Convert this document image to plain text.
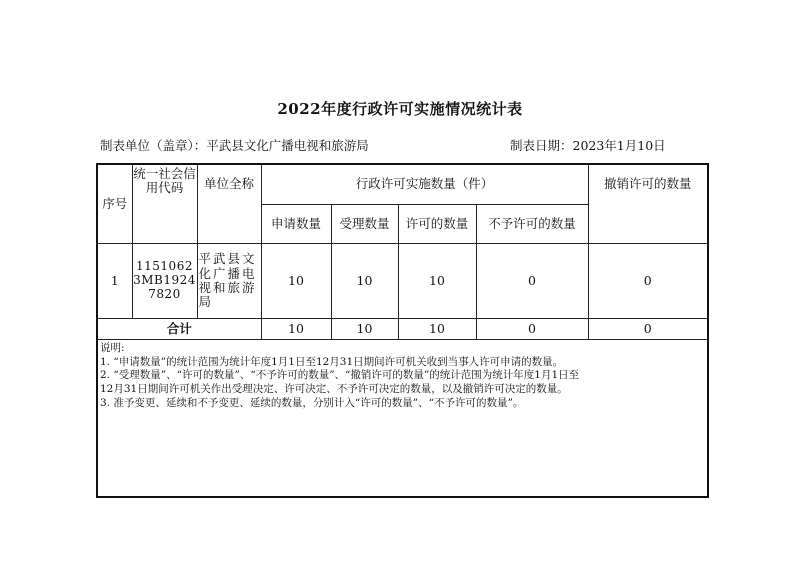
2022年度行政许可实施情况统计表
制表单位（盖章）：平武县文化广播电视和旅游局	制表日期：2023年1月10日
序号	统一社会信用代码	单位全称	行政许可实施数量（件）				撤销许可的数量
			申请数量	受理数量	许可的数量	不予许可的数量	
1	11510623MB19247820	平武县文化广播电视和旅游局	10	10	10	0	0
合计			10	10	10	0	0

说明:
1. “申请数量”的统计范围为统计年度1月1日至12月31日期间许可机关收到当事人许可申请的数量。
2. “受理数量”、“许可的数量”、“不予许可的数量”、“撤销许可的数量”的统计范围为统计年度1月1日至
12月31日期间许可机关作出受理决定、许可决定、不予许可决定的数量，以及撤销许可决定的数量。
3. 准予变更、延续和不予变更、延续的数量，分别计入“许可的数量”、“不予许可的数量”。							
